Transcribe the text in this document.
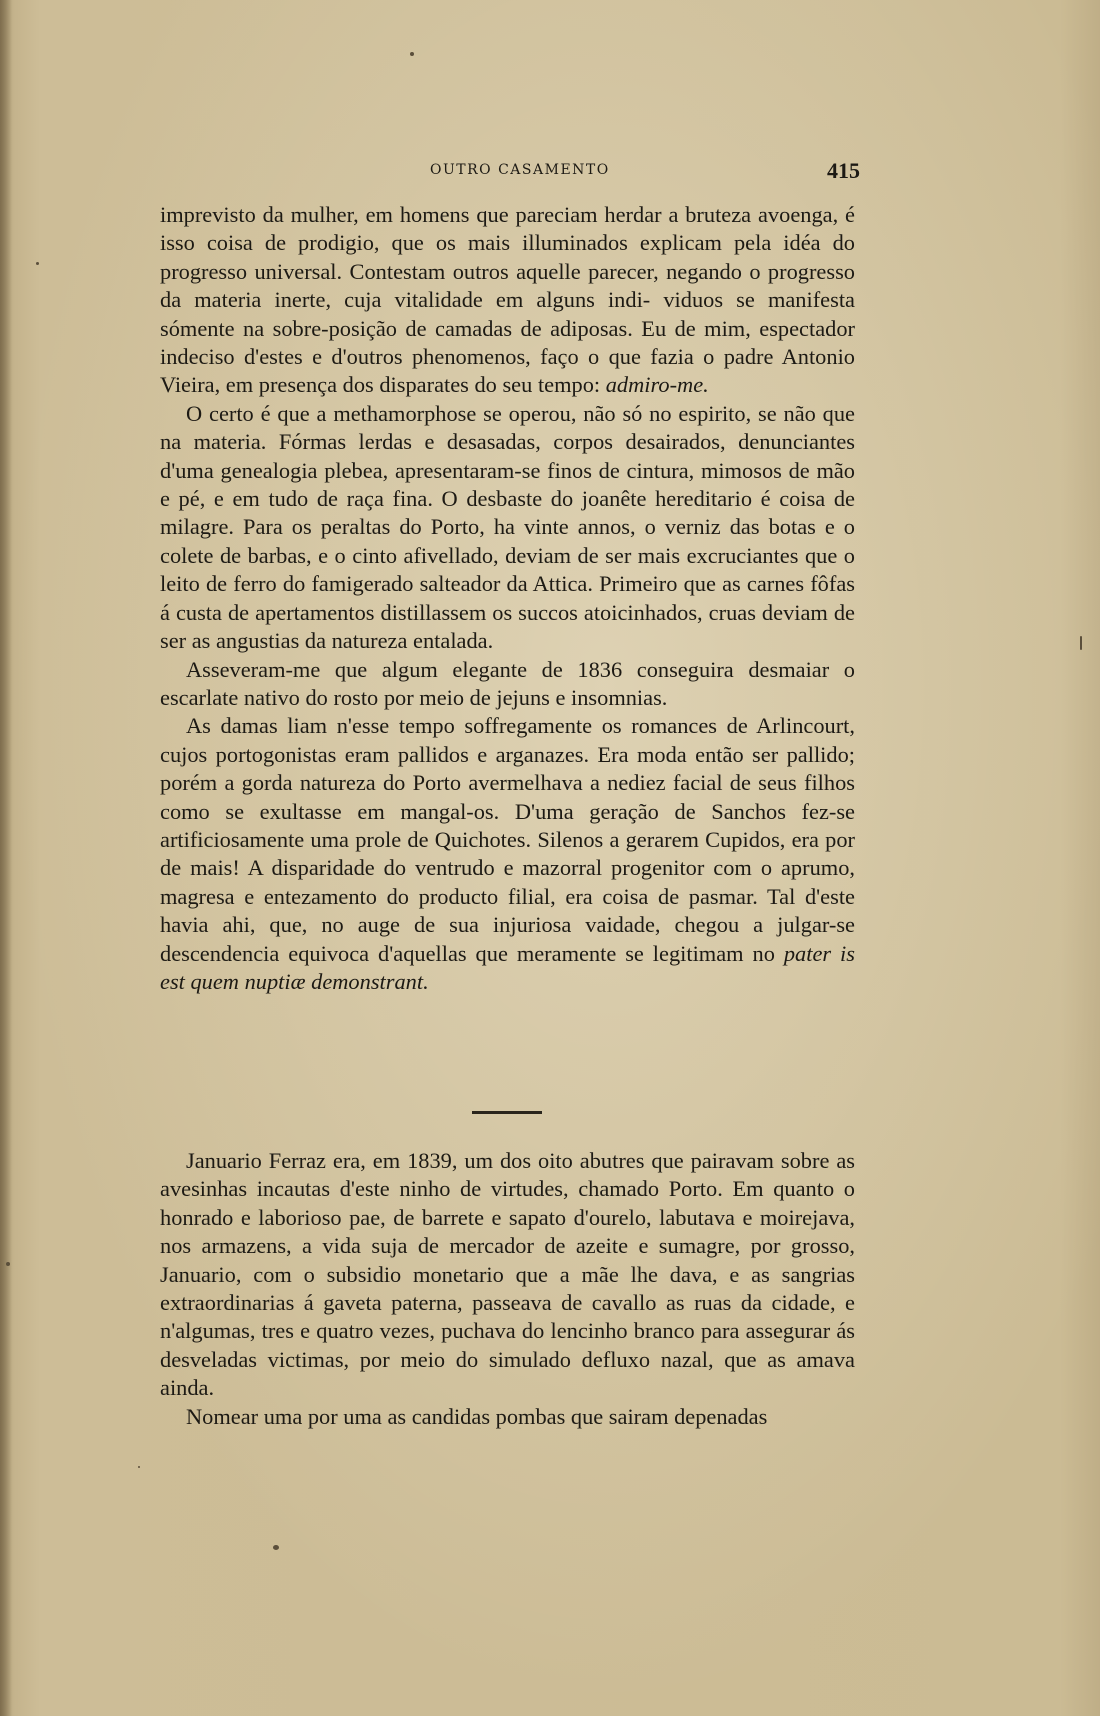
OUTRO CASAMENTO	415

imprevisto da mulher, em homens que pareciam herdar a bruteza avoenga, é isso coisa de prodigio, que os mais illuminados explicam pela idéa do progresso universal. Contestam outros aquelle parecer, negando o progresso da materia inerte, cuja vitalidade em alguns indi- viduos se manifesta sómente na sobre-posição de camadas de adiposas. Eu de mim, espectador indeciso d'estes e d'outros phenomenos, faço o que fazia o padre Antonio Vieira, em presença dos disparates do seu tempo: admiro-me.

O certo é que a methamorphose se operou, não só no espirito, se não que na materia. Fórmas lerdas e desasadas, corpos desairados, denunciantes d'uma genealogia plebea, apresentaram-se finos de cintura, mimosos de mão e pé, e em tudo de raça fina. O desbaste do joanête hereditario é coisa de milagre. Para os peraltas do Porto, ha vinte annos, o verniz das botas e o colete de barbas, e o cinto afivellado, deviam de ser mais excruciantes que o leito de ferro do famigerado salteador da Attica. Primeiro que as carnes fôfas á custa de apertamentos distillassem os succos atoicinhados, cruas deviam de ser as angustias da natureza entalada.

Asseveram-me que algum elegante de 1836 conseguira desmaiar o escarlate nativo do rosto por meio de jejuns e insomnias.

As damas liam n'esse tempo soffregamente os romances de Arlincourt, cujos portogonistas eram pallidos e arganazes. Era moda então ser pallido; porém a gorda natureza do Porto avermelhava a nediez facial de seus filhos como se exultasse em mangal-os. D'uma geração de Sanchos fez-se artificiosamente uma prole de Quichotes. Silenos a gerarem Cupidos, era por de mais! A disparidade do ventrudo e mazorral progenitor com o aprumo, magresa e entezamento do producto filial, era coisa de pasmar. Tal d'este havia ahi, que, no auge de sua injuriosa vaidade, chegou a julgar-se descendencia equivoca d'aquellas que meramente se legitimam no pater is est quem nuptiæ demonstrant.

Januario Ferraz era, em 1839, um dos oito abutres que pairavam sobre as avesinhas incautas d'este ninho de virtudes, chamado Porto. Em quanto o honrado e laborioso pae, de barrete e sapato d'ourelo, labutava e moirejava, nos armazens, a vida suja de mercador de azeite e sumagre, por grosso, Januario, com o subsidio monetario que a mãe lhe dava, e as sangrias extraordinarias á gaveta paterna, passeava de cavallo as ruas da cidade, e n'algumas, tres e quatro vezes, puchava do lencinho branco para assegurar ás desveladas victimas, por meio do simulado defluxo nazal, que as amava ainda.

Nomear uma por uma as candidas pombas que sairam depenadas
